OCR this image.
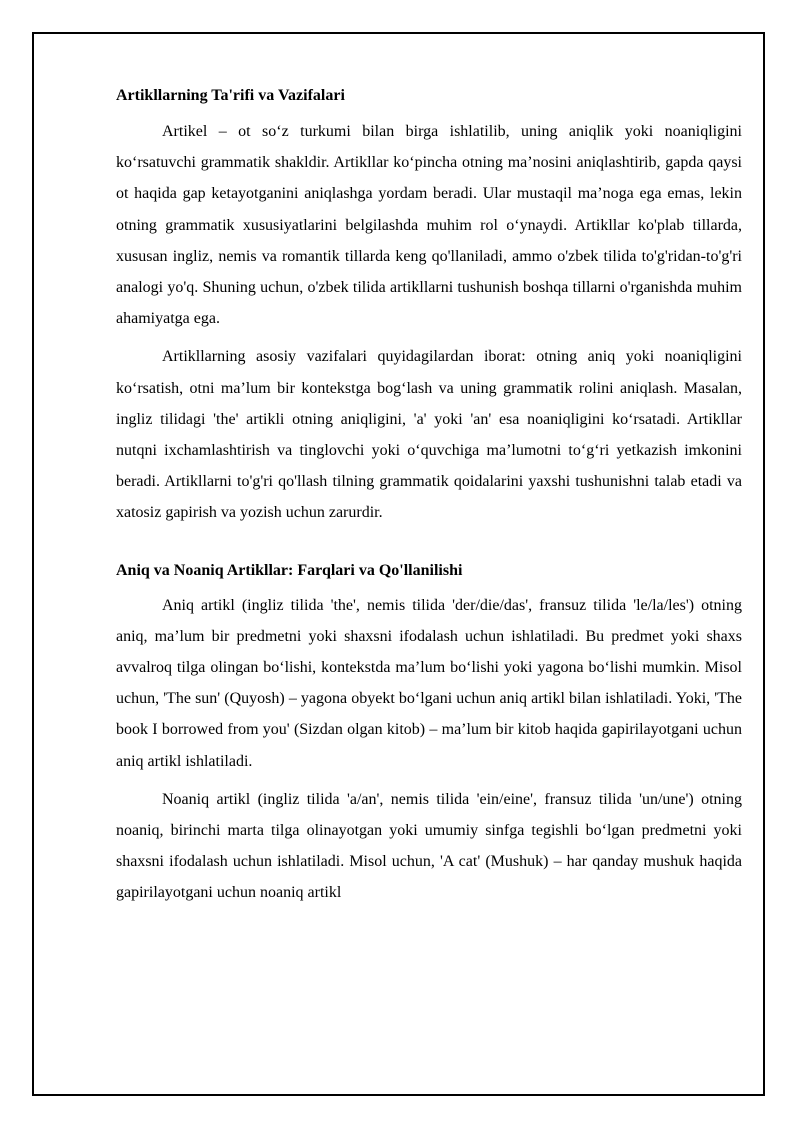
Artikllarning Ta'rifi va Vazifalari

Artikel – ot so‘z turkumi bilan birga ishlatilib, uning aniqlik yoki noaniqligini ko‘rsatuvchi grammatik shakldir. Artikllar ko‘pincha otning ma’nosini aniqlashtirib, gapda qaysi ot haqida gap ketayotganini aniqlashga yordam beradi. Ular mustaqil ma’noga ega emas, lekin otning grammatik xususiyatlarini belgilashda muhim rol o‘ynaydi. Artikllar ko'plab tillarda, xususan ingliz, nemis va romantik tillarda keng qo'llaniladi, ammo o'zbek tilida to'g'ridan-to'g'ri analogi yo'q. Shuning uchun, o'zbek tilida artikllarni tushunish boshqa tillarni o'rganishda muhim ahamiyatga ega.

Artikllarning asosiy vazifalari quyidagilardan iborat: otning aniq yoki noaniqligini ko‘rsatish, otni ma’lum bir kontekstga bog‘lash va uning grammatik rolini aniqlash. Masalan, ingliz tilidagi 'the' artikli otning aniqligini, 'a' yoki 'an' esa noaniqligini ko‘rsatadi. Artikllar nutqni ixchamlashtirish va tinglovchi yoki o‘quvchiga ma’lumotni to‘g‘ri yetkazish imkonini beradi. Artikllarni to'g'ri qo'llash tilning grammatik qoidalarini yaxshi tushunishni talab etadi va xatosiz gapirish va yozish uchun zarurdir.

Aniq va Noaniq Artikllar: Farqlari va Qo'llanilishi

Aniq artikl (ingliz tilida 'the', nemis tilida 'der/die/das', fransuz tilida 'le/la/les') otning aniq, ma’lum bir predmetni yoki shaxsni ifodalash uchun ishlatiladi. Bu predmet yoki shaxs avvalroq tilga olingan bo‘lishi, kontekstda ma’lum bo‘lishi yoki yagona bo‘lishi mumkin. Misol uchun, 'The sun' (Quyosh) – yagona obyekt bo‘lgani uchun aniq artikl bilan ishlatiladi. Yoki, 'The book I borrowed from you' (Sizdan olgan kitob) – ma’lum bir kitob haqida gapirilayotgani uchun aniq artikl ishlatiladi.

Noaniq artikl (ingliz tilida 'a/an', nemis tilida 'ein/eine', fransuz tilida 'un/une') otning noaniq, birinchi marta tilga olinayotgan yoki umumiy sinfga tegishli bo‘lgan predmetni yoki shaxsni ifodalash uchun ishlatiladi. Misol uchun, 'A cat' (Mushuk) – har qanday mushuk haqida gapirilayotgani uchun noaniq artikl
